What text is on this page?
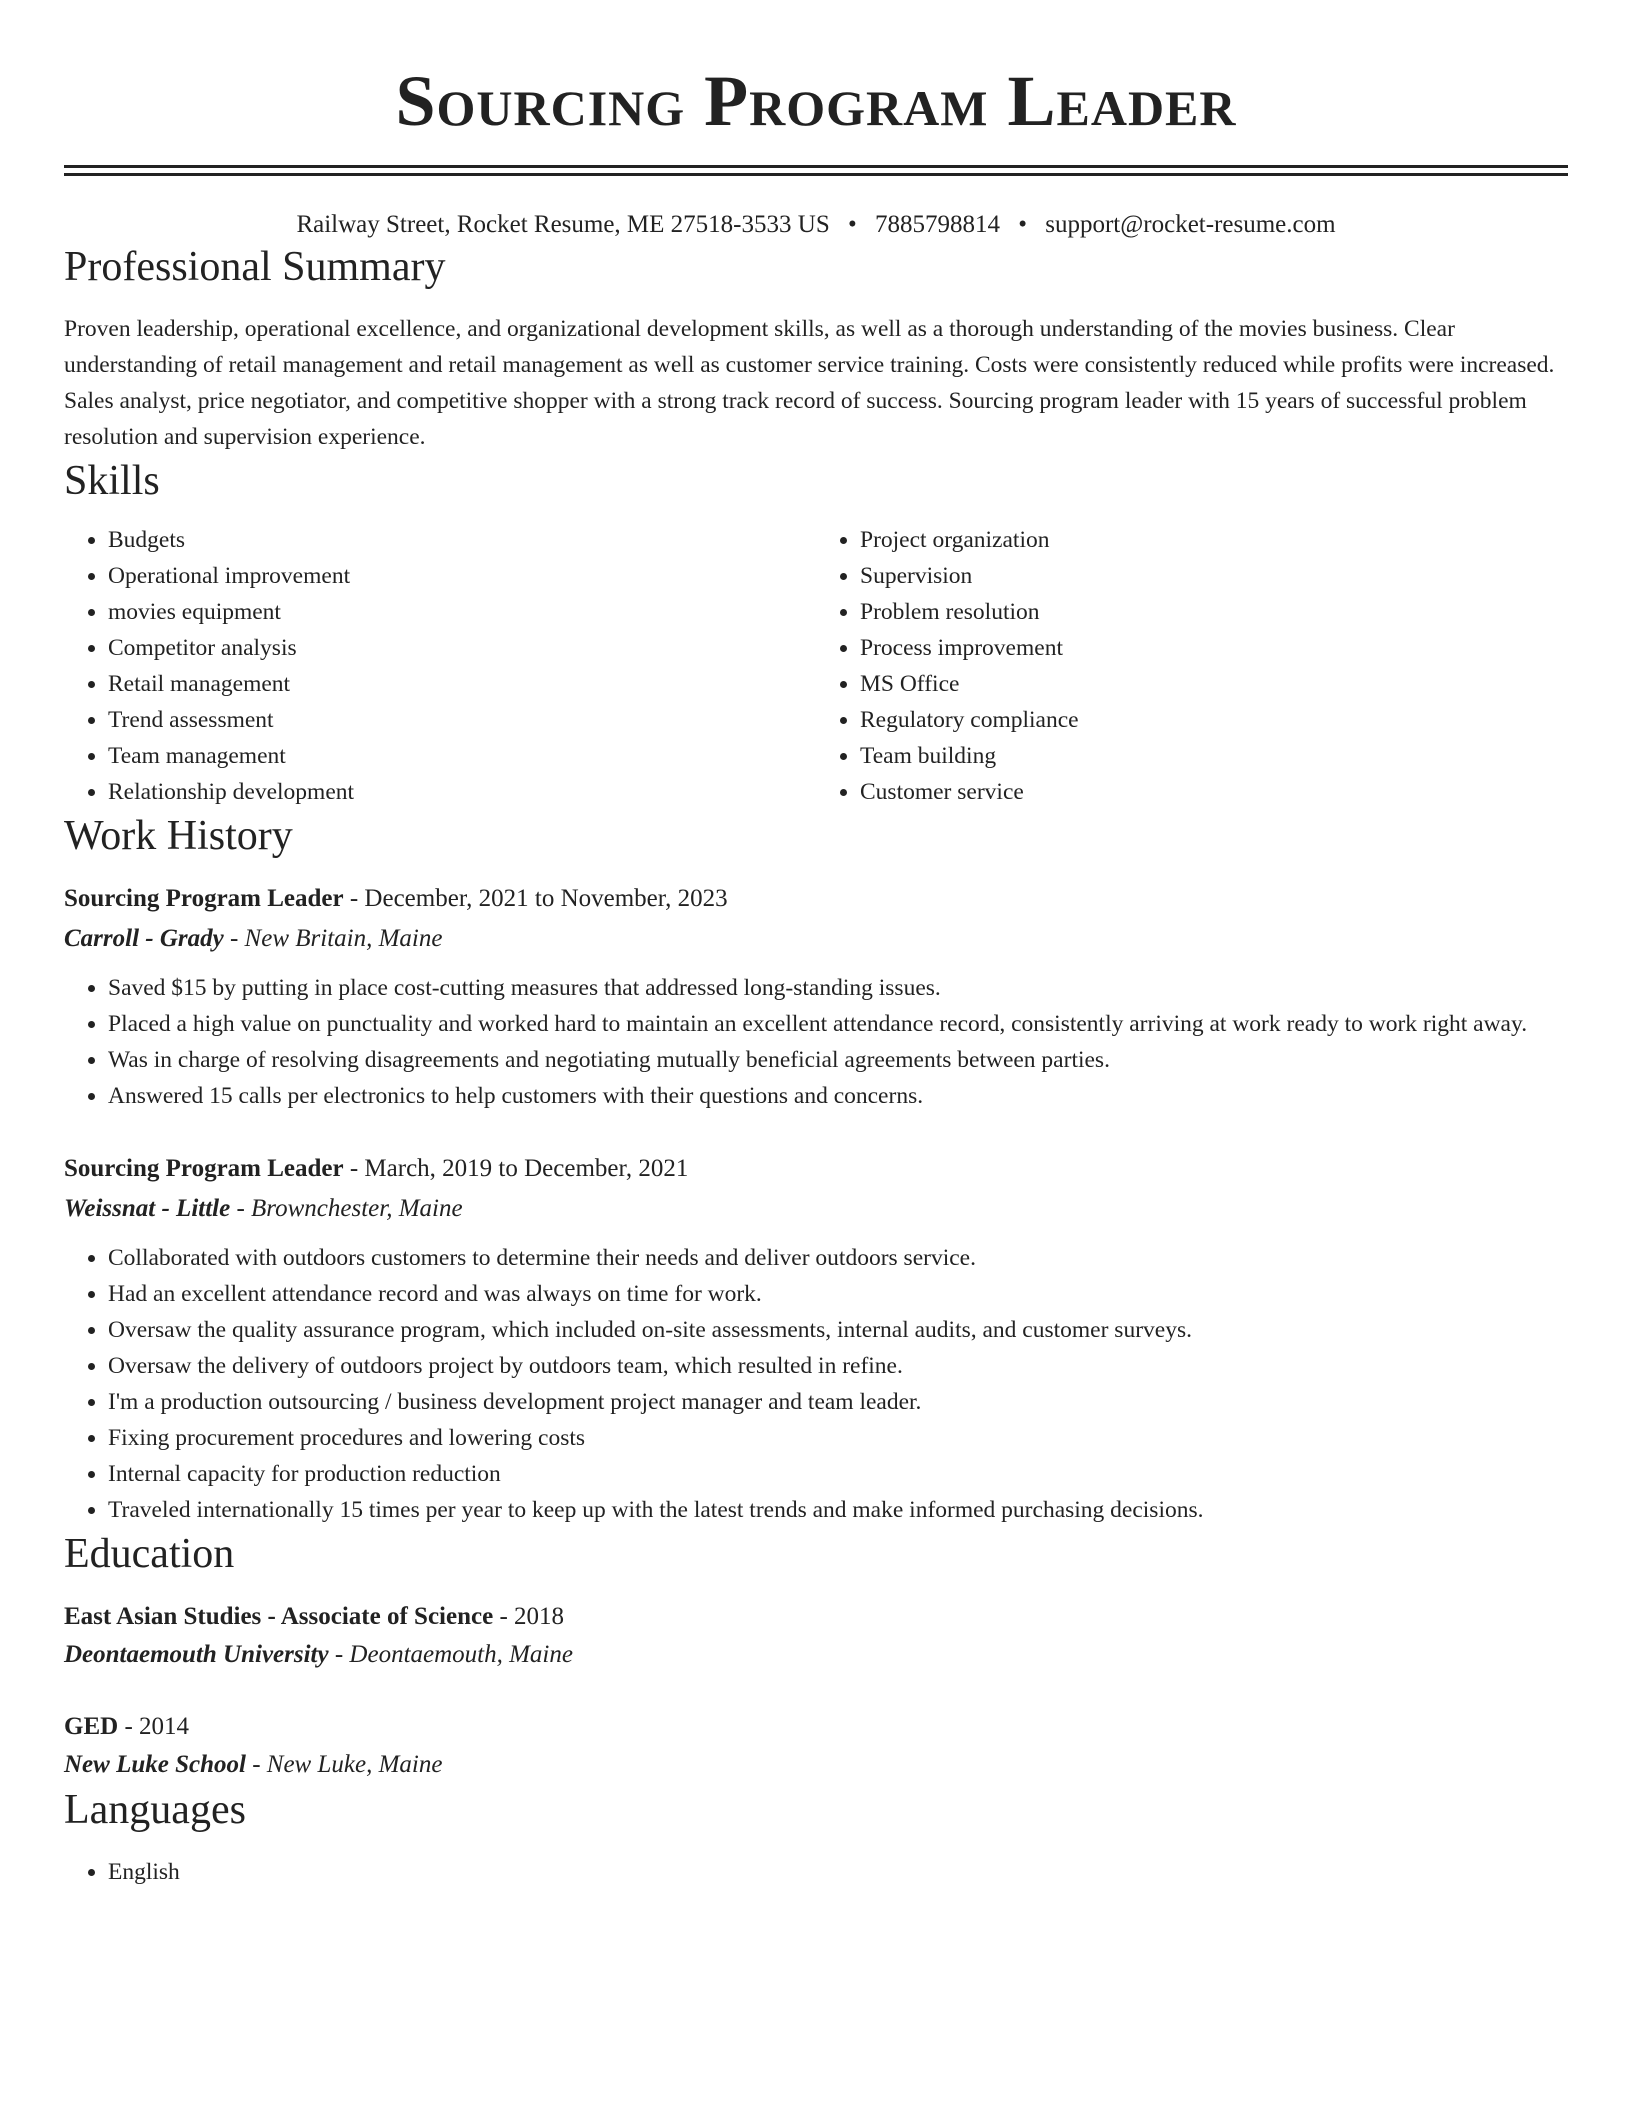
Sourcing Program Leader
Railway Street, Rocket Resume, ME 27518-3533 US • 7885798814 • support@rocket-resume.com
Professional Summary

Proven leadership, operational excellence, and organizational development skills, as well as a thorough understanding of the movies business. Clear understanding of retail management and retail management as well as customer service training. Costs were consistently reduced while profits were increased. Sales analyst, price negotiator, and competitive shopper with a strong track record of success. Sourcing program leader with 15 years of successful problem resolution and supervision experience.

Skills
• Budgets
• Operational improvement
• movies equipment
• Competitor analysis
• Retail management
• Trend assessment
• Team management
• Relationship development
• Project organization
• Supervision
• Problem resolution
• Process improvement
• MS Office
• Regulatory compliance
• Team building
• Customer service
Work History
Sourcing Program Leader - December, 2021 to November, 2023
Carroll - Grady - New Britain, Maine
• Saved $15 by putting in place cost-cutting measures that addressed long-standing issues.
• Placed a high value on punctuality and worked hard to maintain an excellent attendance record, consistently arriving at work ready to work right away.
• Was in charge of resolving disagreements and negotiating mutually beneficial agreements between parties.
• Answered 15 calls per electronics to help customers with their questions and concerns.
Sourcing Program Leader - March, 2019 to December, 2021
Weissnat - Little - Brownchester, Maine
• Collaborated with outdoors customers to determine their needs and deliver outdoors service.
• Had an excellent attendance record and was always on time for work.
• Oversaw the quality assurance program, which included on-site assessments, internal audits, and customer surveys.
• Oversaw the delivery of outdoors project by outdoors team, which resulted in refine.
• I'm a production outsourcing / business development project manager and team leader.
• Fixing procurement procedures and lowering costs
• Internal capacity for production reduction
• Traveled internationally 15 times per year to keep up with the latest trends and make informed purchasing decisions.
Education
East Asian Studies - Associate of Science - 2018
Deontaemouth University - Deontaemouth, Maine
GED - 2014
New Luke School - New Luke, Maine
Languages
• English
